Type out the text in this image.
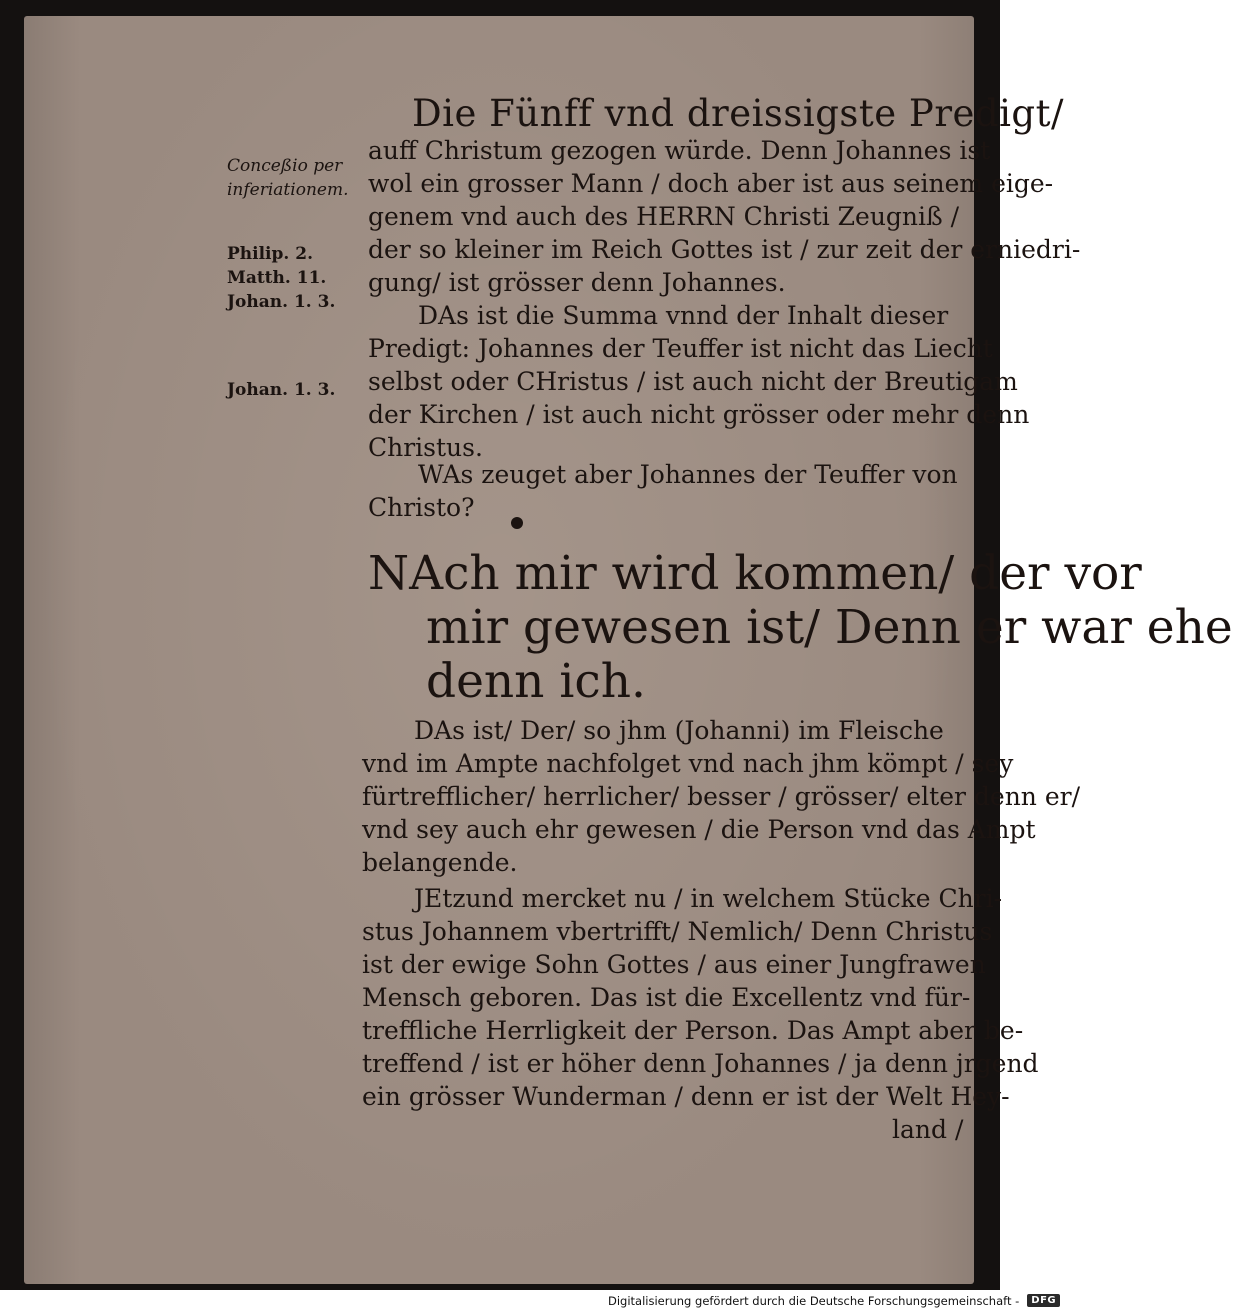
Die Fünff vnd dreissigste Predigt/
Conceßio per
inferiationem.
Philip. 2.
Matth. 11.
Johan. 1. 3.
Johan. 1. 3.
auff Christum gezogen würde. Denn Johannes ist
wol ein grosser Mann / doch aber ist aus seinem eige-
genem vnd auch des HERRN Christi Zeugniß /
der so kleiner im Reich Gottes ist / zur zeit der erniedri-
gung/ ist grösser denn Johannes.
DAs ist die Summa vnnd der Inhalt dieser
Predigt: Johannes der Teuffer ist nicht das Liecht
selbst oder CHristus / ist auch nicht der Breutigam
der Kirchen / ist auch nicht grösser oder mehr denn
Christus.
WAs zeuget aber Johannes der Teuffer von
Christo?
NAch mir wird kommen/ der vor
mir gewesen ist/ Denn er war ehe
denn ich.
DAs ist/ Der/ so jhm (Johanni) im Fleische
vnd im Ampte nachfolget vnd nach jhm kömpt / sey
fürtrefflicher/ herrlicher/ besser / grösser/ elter denn er/
vnd sey auch ehr gewesen / die Person vnd das Ampt
belangende.
JEtzund mercket nu / in welchem Stücke Chri-
stus Johannem vbertrifft/ Nemlich/ Denn Christus
ist der ewige Sohn Gottes / aus einer Jungfrawen
Mensch geboren. Das ist die Excellentz vnd für-
treffliche Herrligkeit der Person. Das Ampt aber be-
treffend / ist er höher denn Johannes / ja denn jrgend
ein grösser Wunderman / denn er ist der Welt Hey-
land /
Digitalisierung gefördert durch die Deutsche Forschungsgemeinschaft -	DFG
